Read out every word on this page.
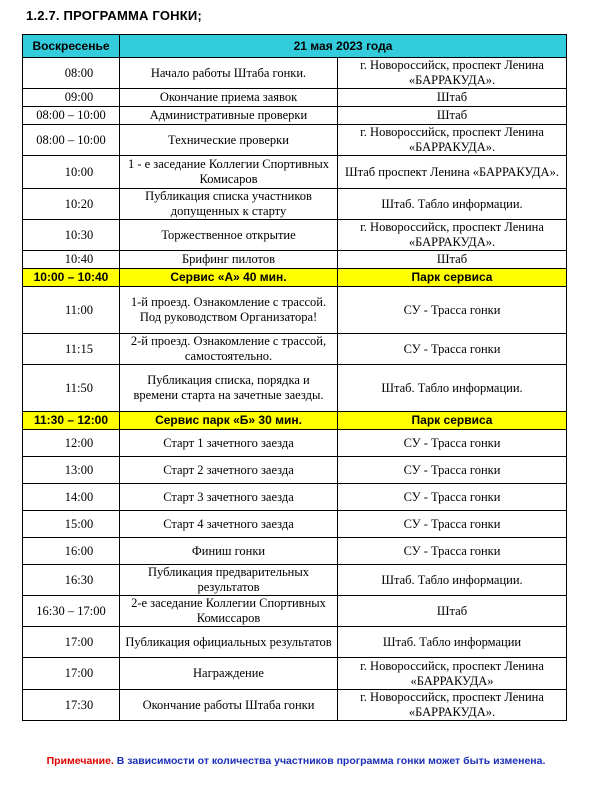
1.2.7. ПРОГРАММА ГОНКИ;
Воскресенье	21 мая 2023 года	
08:00	Начало работы Штаба гонки.	г. Новороссийск, проспект Ленина «БАРРАКУДА».
09:00	Окончание приема заявок	Штаб
08:00 – 10:00	Административные проверки	Штаб
08:00 – 10:00	Технические проверки	г. Новороссийск, проспект Ленина «БАРРАКУДА».
10:00	1 - е заседание Коллегии Спортивных Комисаров	Штаб проспект Ленина «БАРРАКУДА».
10:20	Публикация списка участников допущенных к старту	Штаб. Табло информации.
10:30	Торжественное открытие	г. Новороссийск, проспект Ленина «БАРРАКУДА».
10:40	Брифинг пилотов	Штаб
10:00 – 10:40	Сервис «А» 40 мин.	Парк сервиса
11:00	1-й проезд. Ознакомление с трассой. Под руководством Организатора!	СУ - Трасса гонки
11:15	2-й проезд. Ознакомление с трассой, самостоятельно.	СУ - Трасса гонки
11:50	Публикация списка, порядка и времени старта на зачетные заезды.	Штаб. Табло информации.
11:30 – 12:00	Сервис парк «Б» 30 мин.	Парк сервиса
12:00	Старт 1 зачетного заезда	СУ - Трасса гонки
13:00	Старт 2 зачетного заезда	СУ - Трасса гонки
14:00	Старт 3 зачетного заезда	СУ - Трасса гонки
15:00	Старт 4 зачетного заезда	СУ - Трасса гонки
16:00	Финиш гонки	СУ - Трасса гонки
16:30	Публикация предварительных результатов	Штаб. Табло информации.
16:30 – 17:00	2-е заседание Коллегии Спортивных Комиссаров	Штаб
17:00	Публикация официальных результатов	Штаб. Табло информации
17:00	Награждение	г. Новороссийск, проспект Ленина «БАРРАКУДА»
17:30	Окончание работы Штаба гонки	г. Новороссийск, проспект Ленина «БАРРАКУДА».
Примечание. В зависимости от количества участников программа гонки может быть изменена.
